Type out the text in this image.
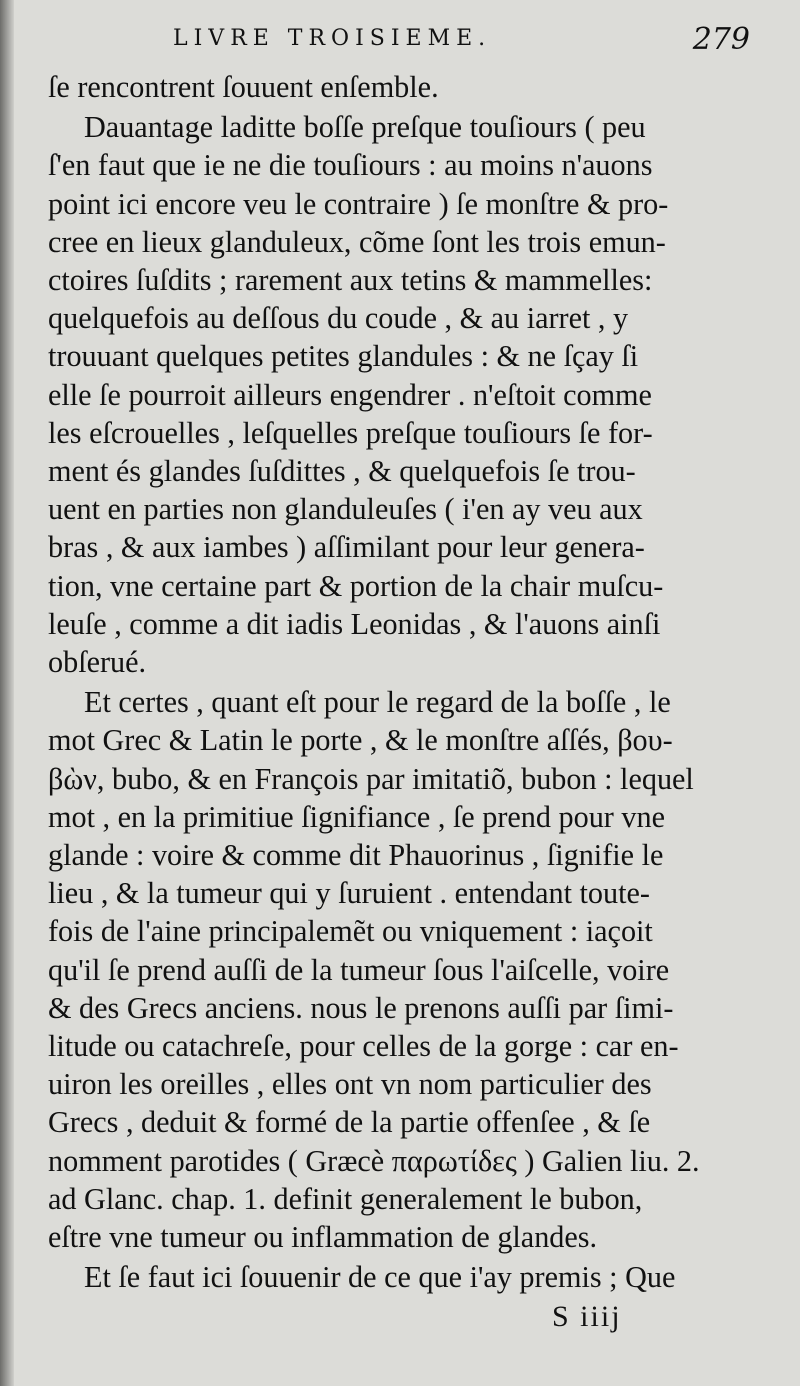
LIVRE TROISIEME.	279
ſe rencontrent ſouuent enſemble.
Dauantage laditte boſſe preſque touſiours ( peu
ſ'en faut que ie ne die touſiours : au moins n'auons
point ici encore veu le contraire ) ſe monſtre & pro-
cree en lieux glanduleux, cõme ſont les trois emun-
ctoires ſuſdits ; rarement aux tetins & mammelles:
quelquefois au deſſous du coude , & au iarret , y
trouuant quelques petites glandules : & ne ſçay ſi
elle ſe pourroit ailleurs engendrer . n'eſtoit comme
les eſcrouelles , leſquelles preſque touſiours ſe for-
ment és glandes ſuſdittes , & quelquefois ſe trou-
uent en parties non glanduleuſes ( i'en ay veu aux
bras , & aux iambes ) aſſimilant pour leur genera-
tion, vne certaine part & portion de la chair muſcu-
leuſe , comme a dit iadis Leonidas , & l'auons ainſi
obſerué.
Et certes , quant eſt pour le regard de la boſſe , le
mot Grec & Latin le porte , & le monſtre aſſés, βου-
βὼν, bubo, & en François par imitatiõ, bubon : lequel
mot , en la primitiue ſignifiance , ſe prend pour vne
glande : voire & comme dit Phauorinus , ſignifie le
lieu , & la tumeur qui y ſuruient . entendant toute-
fois de l'aine principalemẽt ou vniquement : iaçoit
qu'il ſe prend auſſi de la tumeur ſous l'aiſcelle, voire
& des Grecs anciens. nous le prenons auſſi par ſimi-
litude ou catachreſe, pour celles de la gorge : car en-
uiron les oreilles , elles ont vn nom particulier des
Grecs , deduit & formé de la partie offenſee , & ſe
nomment parotides ( Græcè παρωτίδες ) Galien liu. 2.
ad Glanc. chap. 1. definit generalement le bubon,
eſtre vne tumeur ou inflammation de glandes.
Et ſe faut ici ſouuenir de ce que i'ay premis ; Que
S iiij
